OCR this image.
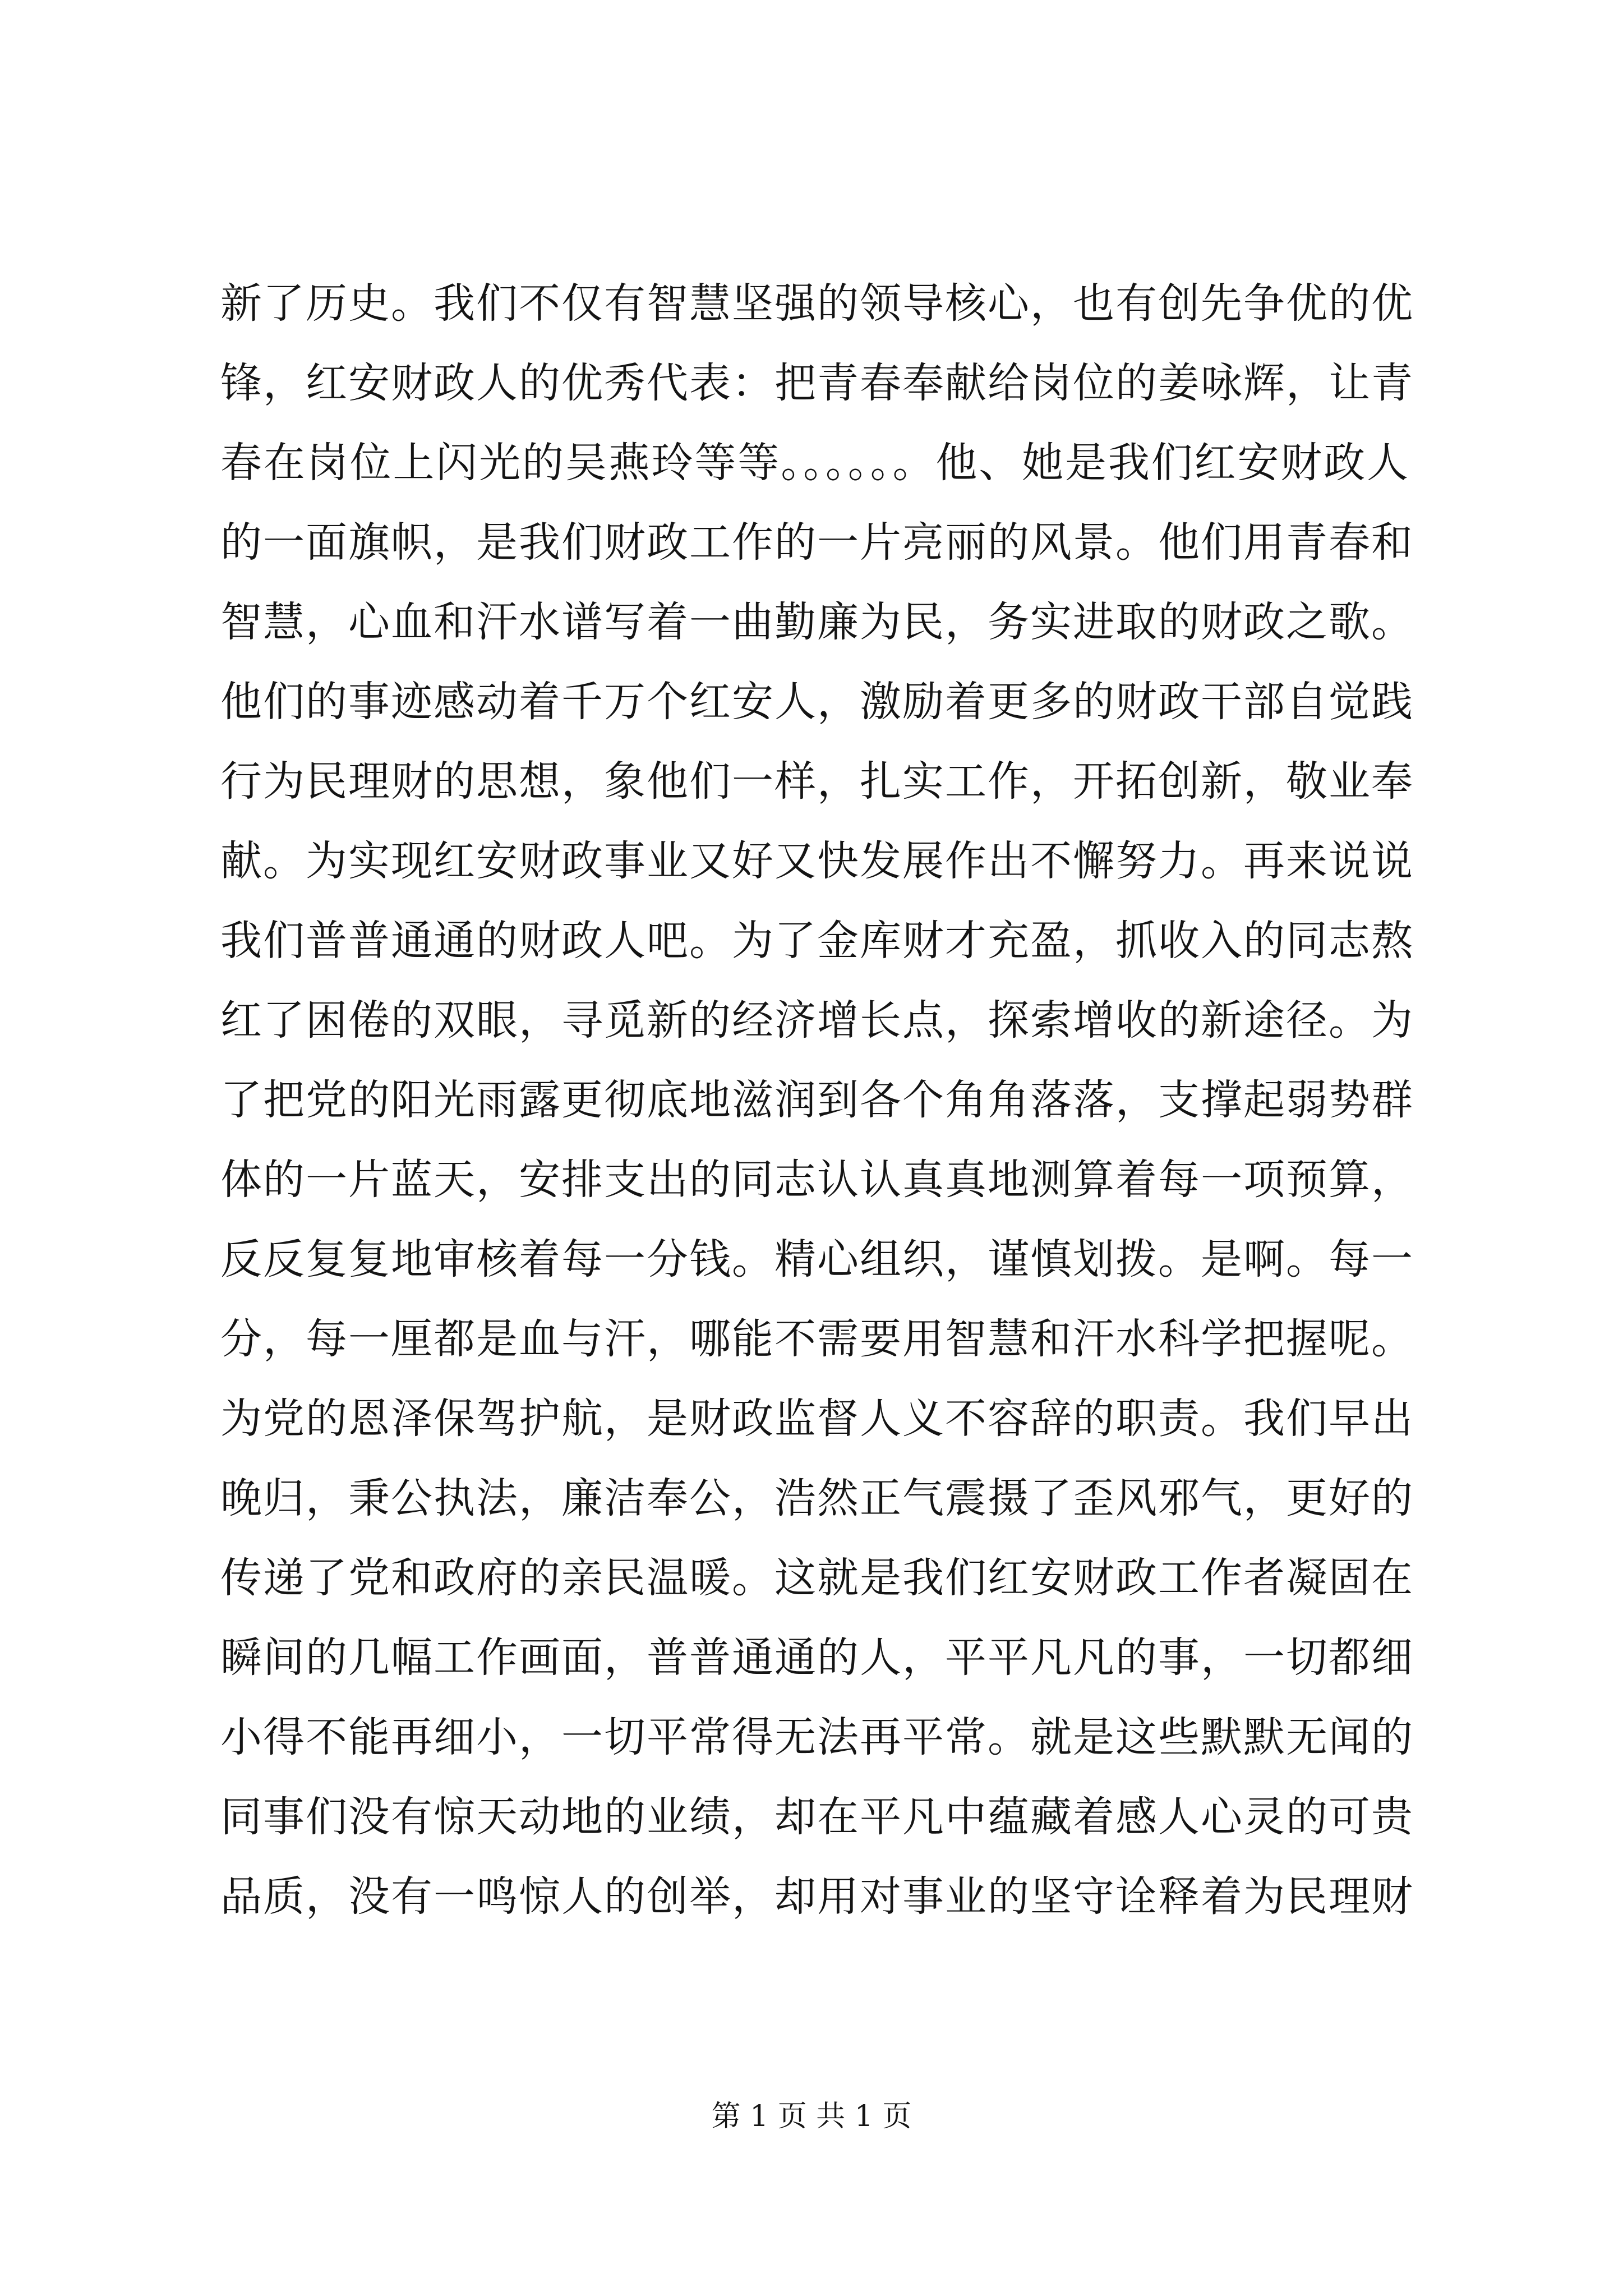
新了历史。我们不仅有智慧坚强的领导核心，也有创先争优的优
锋，红安财政人的优秀代表：把青春奉献给岗位的姜咏辉，让青
春在岗位上闪光的吴燕玲等等。。。。。。他、她是我们红安财政人
的一面旗帜，是我们财政工作的一片亮丽的风景。他们用青春和
智慧，心血和汗水谱写着一曲勤廉为民，务实进取的财政之歌。
他们的事迹感动着千万个红安人，激励着更多的财政干部自觉践
行为民理财的思想，象他们一样，扎实工作，开拓创新，敬业奉
献。为实现红安财政事业又好又快发展作出不懈努力。再来说说
我们普普通通的财政人吧。为了金库财才充盈，抓收入的同志熬
红了困倦的双眼，寻觅新的经济增长点，探索增收的新途径。为
了把党的阳光雨露更彻底地滋润到各个角角落落，支撑起弱势群
体的一片蓝天，安排支出的同志认认真真地测算着每一项预算，
反反复复地审核着每一分钱。精心组织，谨慎划拨。是啊。每一
分，每一厘都是血与汗，哪能不需要用智慧和汗水科学把握呢。
为党的恩泽保驾护航，是财政监督人义不容辞的职责。我们早出
晚归，秉公执法，廉洁奉公，浩然正气震摄了歪风邪气，更好的
传递了党和政府的亲民温暖。这就是我们红安财政工作者凝固在
瞬间的几幅工作画面，普普通通的人，平平凡凡的事，一切都细
小得不能再细小，一切平常得无法再平常。就是这些默默无闻的
同事们没有惊天动地的业绩，却在平凡中蕴藏着感人心灵的可贵
品质，没有一鸣惊人的创举，却用对事业的坚守诠释着为民理财
第 1 页 共 1 页
